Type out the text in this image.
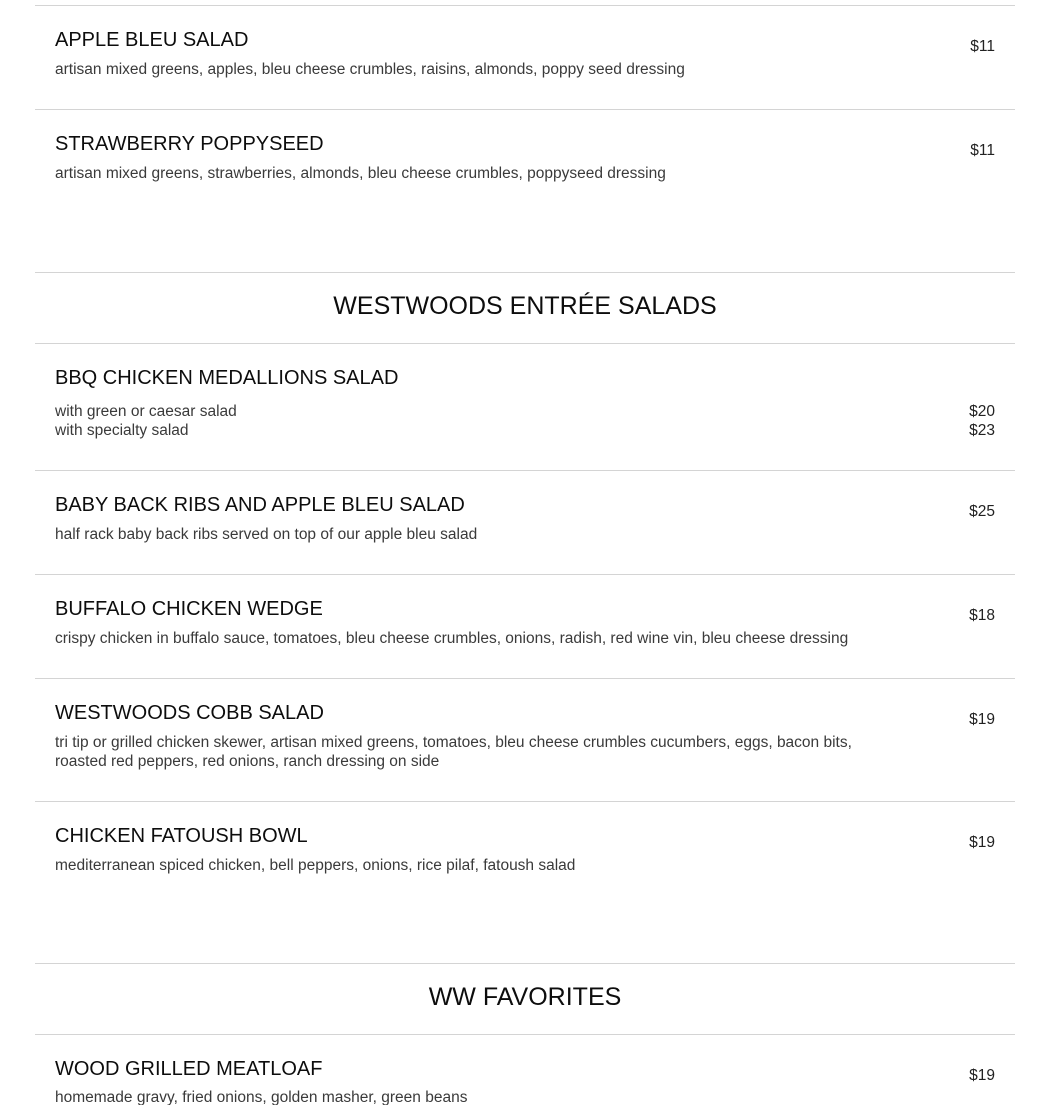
APPLE BLEU SALAD
artisan mixed greens, apples, bleu cheese crumbles, raisins, almonds, poppy seed dressing
$11
STRAWBERRY POPPYSEED
artisan mixed greens, strawberries, almonds, bleu cheese crumbles, poppyseed dressing
$11
WESTWOODS ENTRÉE SALADS
BBQ CHICKEN MEDALLIONS SALAD
with green or caesar salad
with specialty salad
$20
$23
BABY BACK RIBS AND APPLE BLEU SALAD
half rack baby back ribs served on top of our apple bleu salad
$25
BUFFALO CHICKEN WEDGE
crispy chicken in buffalo sauce, tomatoes, bleu cheese crumbles, onions, radish, red wine vin, bleu cheese dressing
$18
WESTWOODS COBB SALAD
tri tip or grilled chicken skewer, artisan mixed greens, tomatoes, bleu cheese crumbles cucumbers, eggs, bacon bits,
roasted red peppers, red onions, ranch dressing on side
$19
CHICKEN FATOUSH BOWL
mediterranean spiced chicken, bell peppers, onions, rice pilaf, fatoush salad
$19
WW FAVORITES
WOOD GRILLED MEATLOAF
homemade gravy, fried onions, golden masher, green beans
$19
